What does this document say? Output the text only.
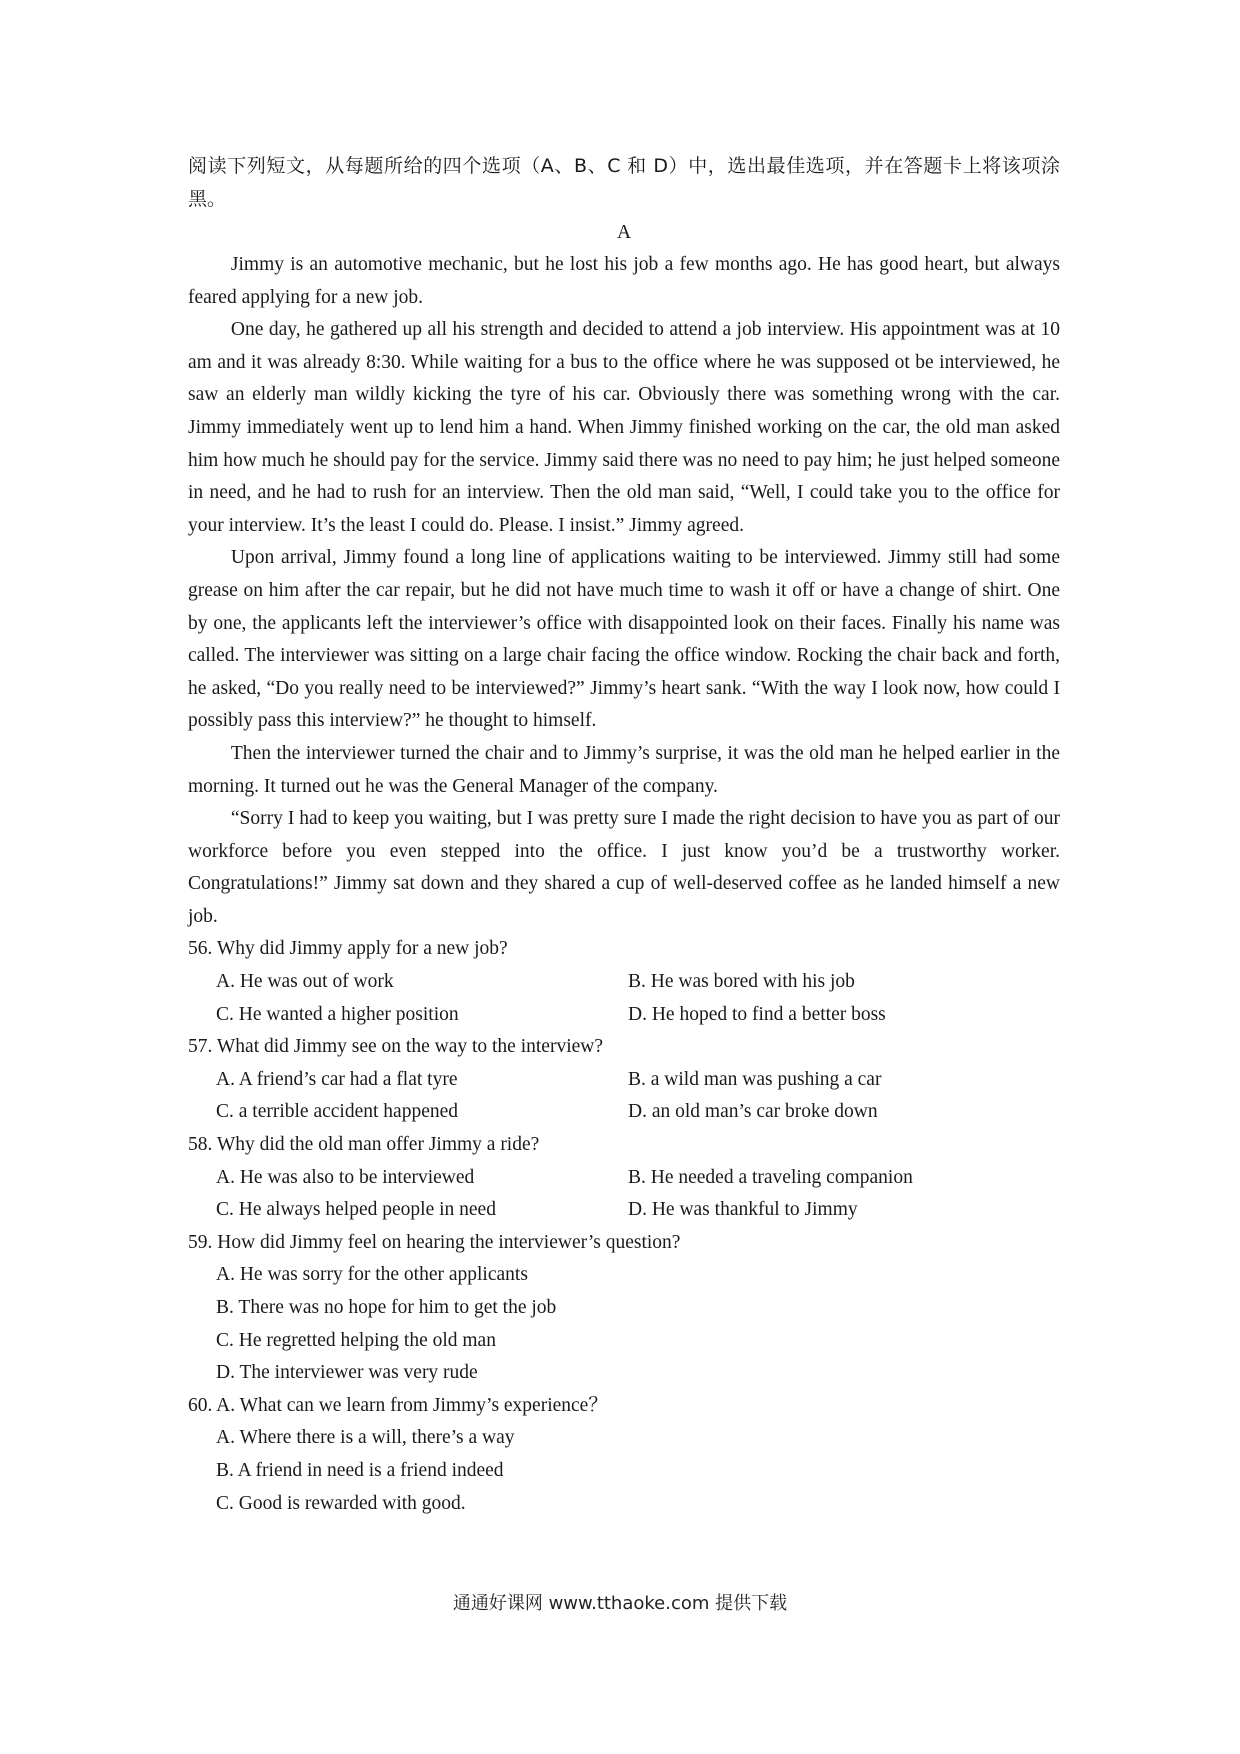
阅读下列短文，从每题所给的四个选项（A、B、C 和 D）中，选出最佳选项，并在答题卡上将该项涂黑。

A

Jimmy is an automotive mechanic, but he lost his job a few months ago. He has good heart, but always feared applying for a new job.

One day, he gathered up all his strength and decided to attend a job interview. His appointment was at 10 am and it was already 8:30. While waiting for a bus to the office where he was supposed ot be interviewed, he saw an elderly man wildly kicking the tyre of his car. Obviously there was something wrong with the car. Jimmy immediately went up to lend him a hand. When Jimmy finished working on the car, the old man asked him how much he should pay for the service. Jimmy said there was no need to pay him; he just helped someone in need, and he had to rush for an interview. Then the old man said, “Well, I could take you to the office for your interview. It’s the least I could do. Please. I insist.” Jimmy agreed.

Upon arrival, Jimmy found a long line of applications waiting to be interviewed. Jimmy still had some grease on him after the car repair, but he did not have much time to wash it off or have a change of shirt. One by one, the applicants left the interviewer’s office with disappointed look on their faces. Finally his name was called. The interviewer was sitting on a large chair facing the office window. Rocking the chair back and forth, he asked, “Do you really need to be interviewed?” Jimmy’s heart sank. “With the way I look now, how could I possibly pass this interview?” he thought to himself.

Then the interviewer turned the chair and to Jimmy’s surprise, it was the old man he helped earlier in the morning. It turned out he was the General Manager of the company.

“Sorry I had to keep you waiting, but I was pretty sure I made the right decision to have you as part of our workforce before you even stepped into the office. I just know you’d be a trustworthy worker. Congratulations!” Jimmy sat down and they shared a cup of well-deserved coffee as he landed himself a new job.

56. Why did Jimmy apply for a new job?

A. He was out of work	B. He was bored with his job
C. He wanted a higher position	D. He hoped to find a better boss

57. What did Jimmy see on the way to the interview?

A. A friend’s car had a flat tyre	B. a wild man was pushing a car
C. a terrible accident happened	D. an old man’s car broke down

58. Why did the old man offer Jimmy a ride?

A. He was also to be interviewed	B. He needed a traveling companion
C. He always helped people in need	D. He was thankful to Jimmy

59. How did Jimmy feel on hearing the interviewer’s question?

A. He was sorry for the other applicants
B. There was no hope for him to get the job
C. He regretted helping the old man
D. The interviewer was very rude

60. A. What can we learn from Jimmy’s experience？

A. Where there is a will, there’s a way
B. A friend in need is a friend indeed
C. Good is rewarded with good.
通通好课网 www.tthaoke.com 提供下载
